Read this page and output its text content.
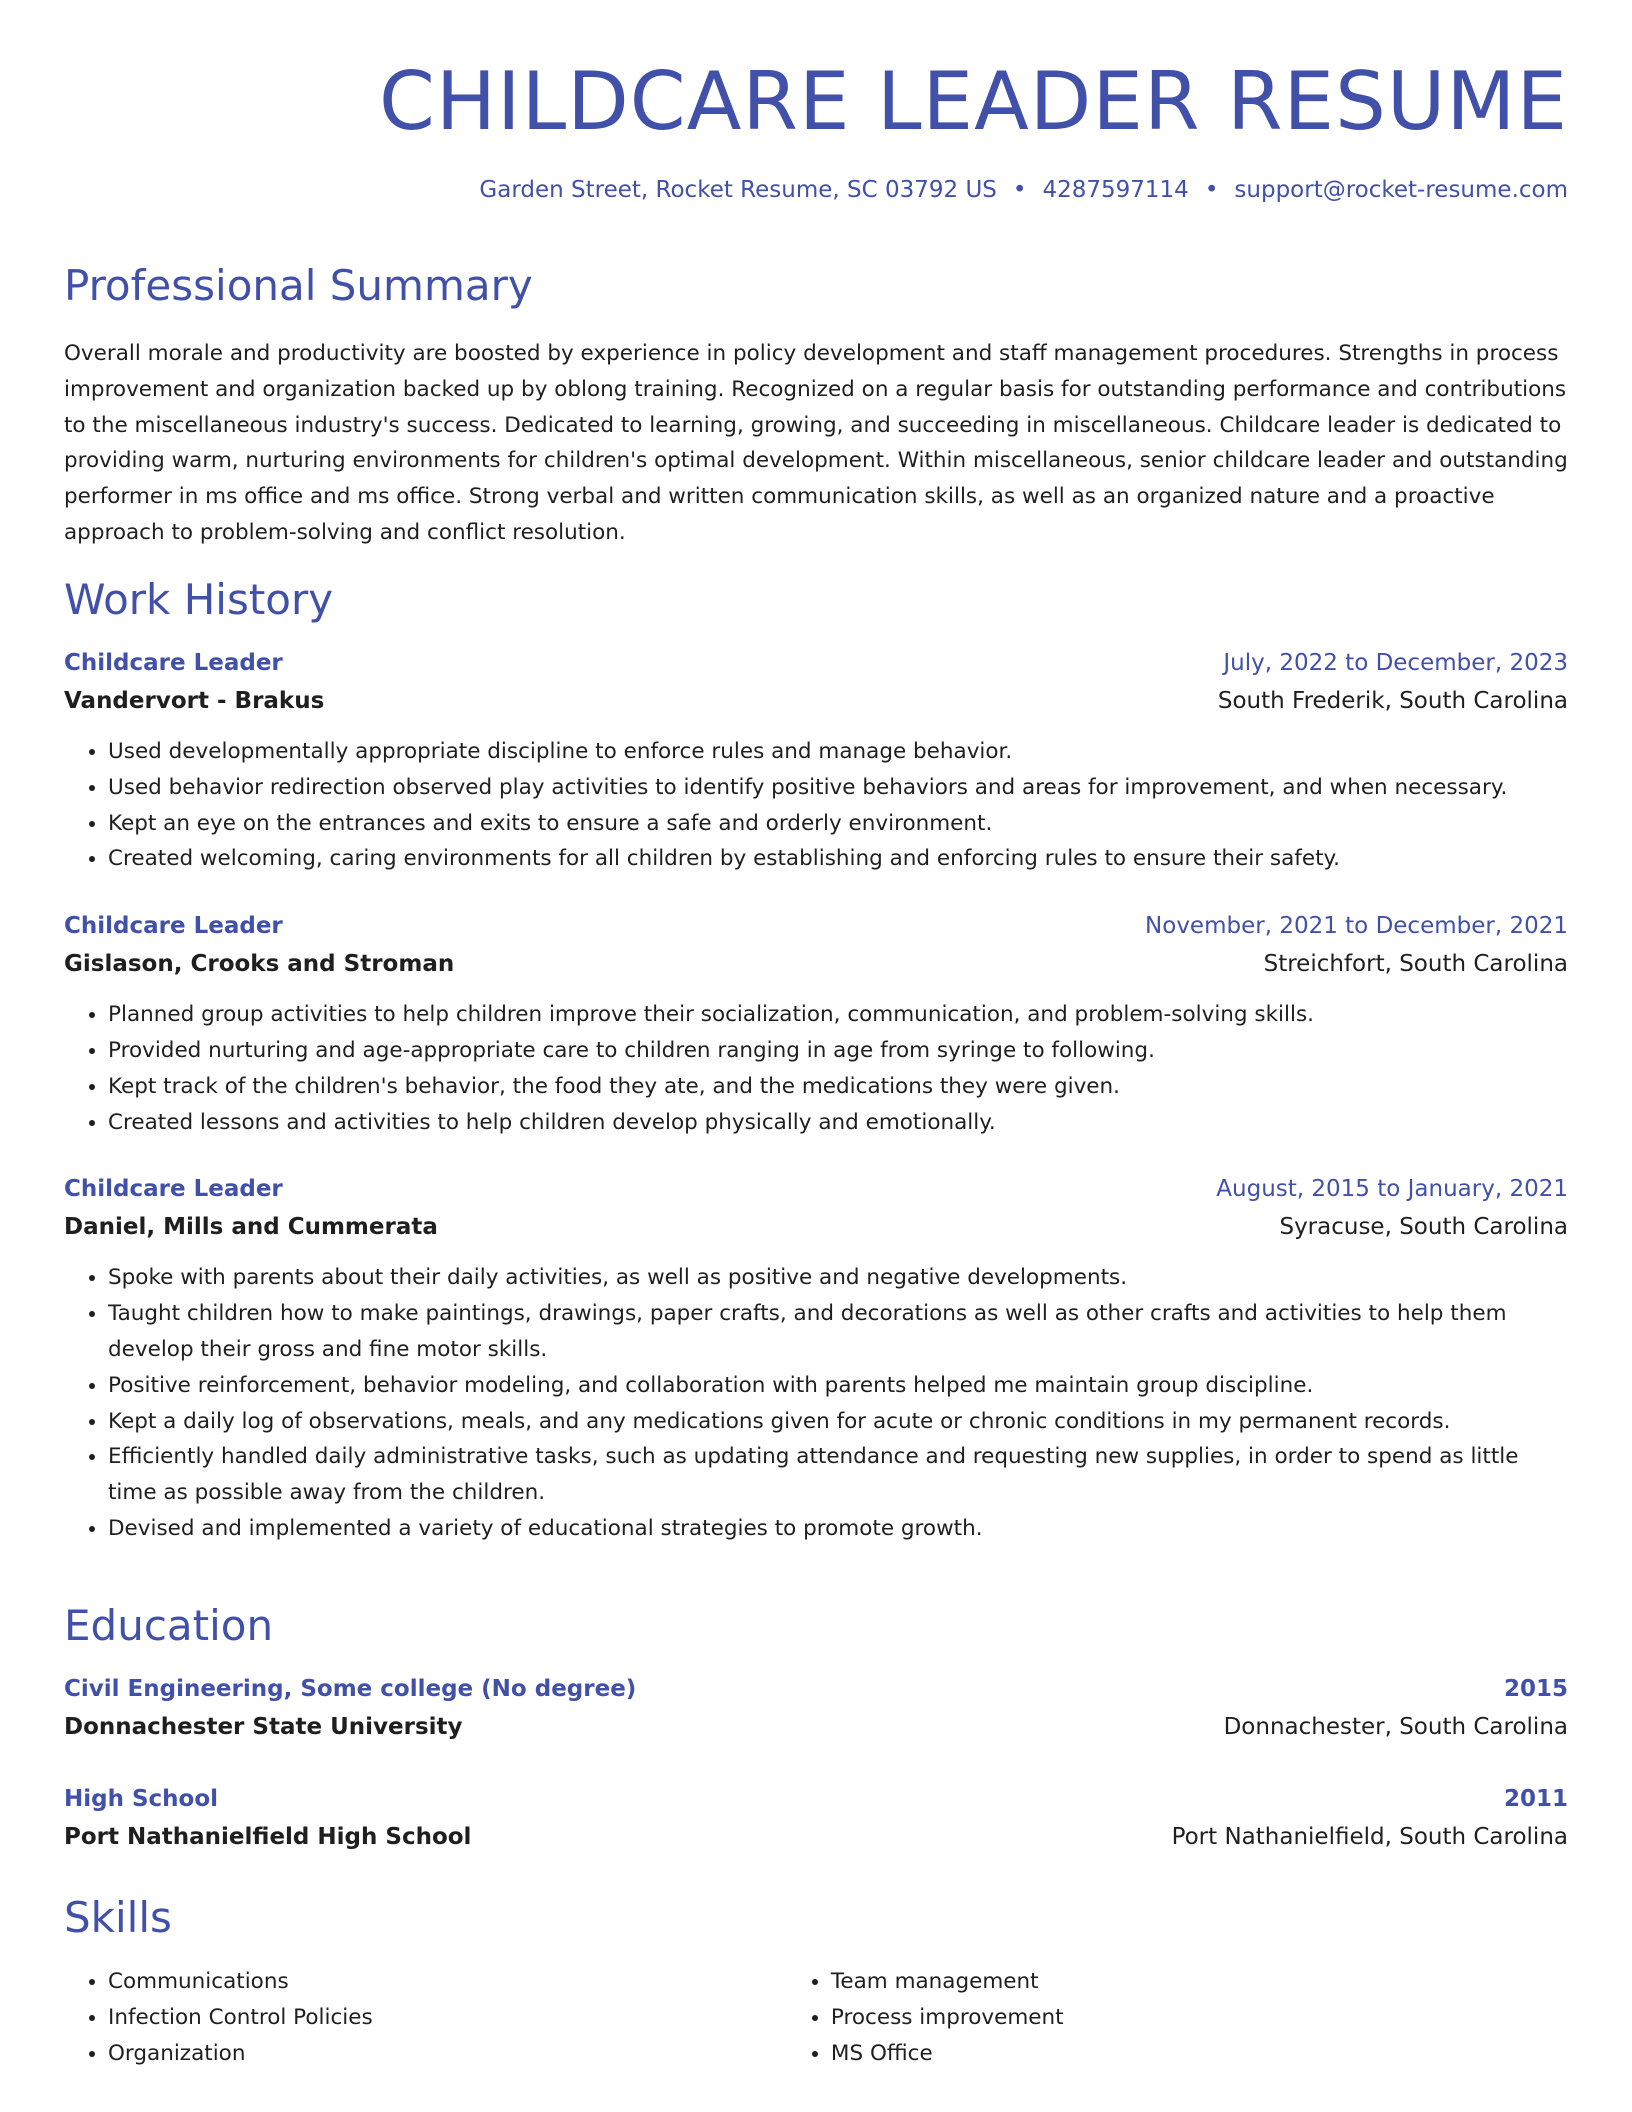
CHILDCARE LEADER RESUME
Garden Street, Rocket Resume, SC 03792 US • 4287597114 • support@rocket-resume.com
Professional Summary

Overall morale and productivity are boosted by experience in policy development and staff management procedures. Strengths in process improvement and organization backed up by oblong training. Recognized on a regular basis for outstanding performance and contributions to the miscellaneous industry's success. Dedicated to learning, growing, and succeeding in miscellaneous. Childcare leader is dedicated to providing warm, nurturing environments for children's optimal development. Within miscellaneous, senior childcare leader and outstanding performer in ms office and ms office. Strong verbal and written communication skills, as well as an organized nature and a proactive approach to problem-solving and conflict resolution.

Work History
Childcare Leader	July, 2022 to December, 2023
Vandervort - Brakus	South Frederik, South Carolina
• Used developmentally appropriate discipline to enforce rules and manage behavior.
• Used behavior redirection observed play activities to identify positive behaviors and areas for improvement, and when necessary.
• Kept an eye on the entrances and exits to ensure a safe and orderly environment.
• Created welcoming, caring environments for all children by establishing and enforcing rules to ensure their safety.
Childcare Leader	November, 2021 to December, 2021
Gislason, Crooks and Stroman	Streichfort, South Carolina
• Planned group activities to help children improve their socialization, communication, and problem-solving skills.
• Provided nurturing and age-appropriate care to children ranging in age from syringe to following.
• Kept track of the children's behavior, the food they ate, and the medications they were given.
• Created lessons and activities to help children develop physically and emotionally.
Childcare Leader	August, 2015 to January, 2021
Daniel, Mills and Cummerata	Syracuse, South Carolina
• Spoke with parents about their daily activities, as well as positive and negative developments.
• Taught children how to make paintings, drawings, paper crafts, and decorations as well as other crafts and activities to help them develop their gross and fine motor skills.
• Positive reinforcement, behavior modeling, and collaboration with parents helped me maintain group discipline.
• Kept a daily log of observations, meals, and any medications given for acute or chronic conditions in my permanent records.
• Efficiently handled daily administrative tasks, such as updating attendance and requesting new supplies, in order to spend as little time as possible away from the children.
• Devised and implemented a variety of educational strategies to promote growth.
Education
Civil Engineering, Some college (No degree)	2015
Donnachester State University	Donnachester, South Carolina
High School	2011
Port Nathanielfield High School	Port Nathanielfield, South Carolina
Skills
• Communications
• Infection Control Policies
• Organization
• Team management
• Process improvement
• MS Office
